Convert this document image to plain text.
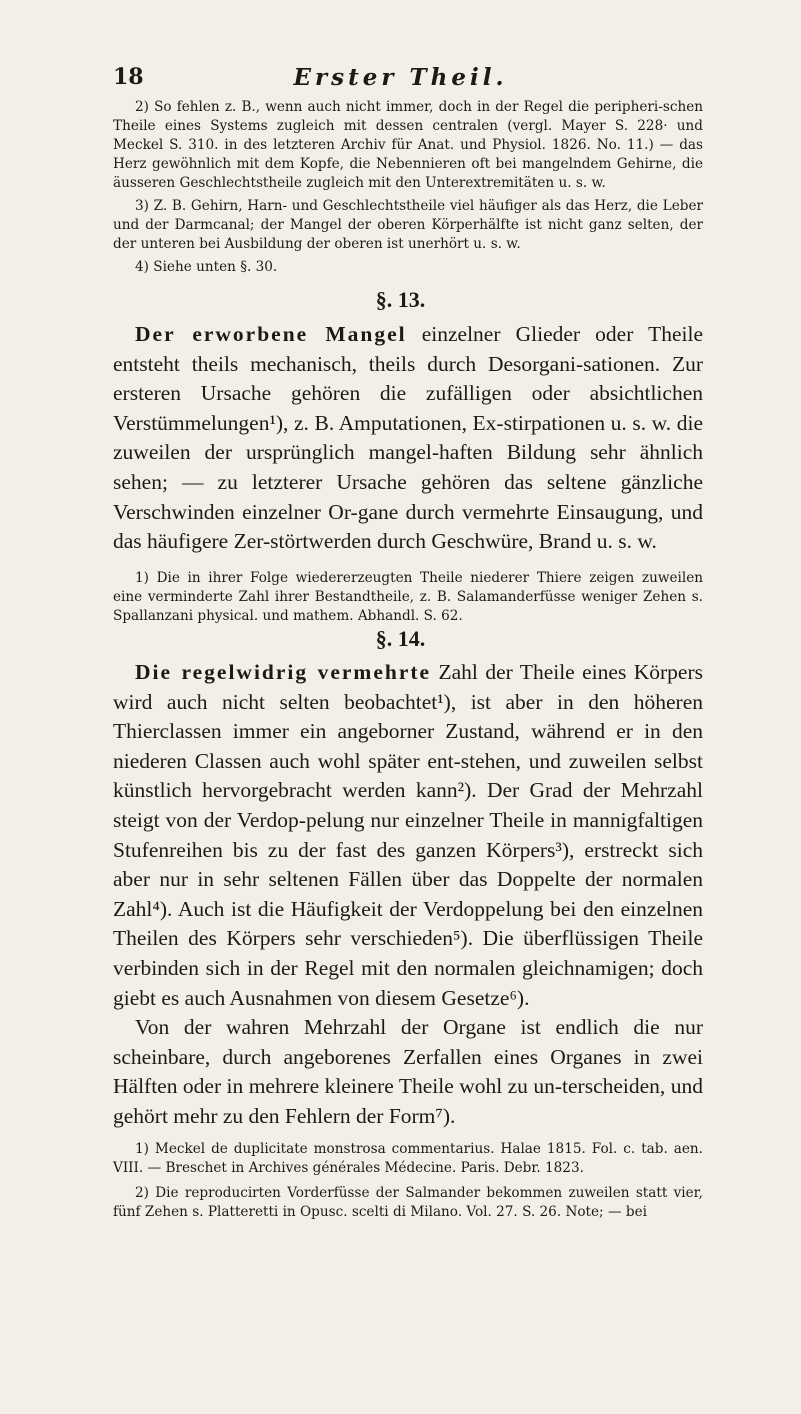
18	Erster Theil.

2) So fehlen z. B., wenn auch nicht immer, doch in der Regel die peripheri-schen Theile eines Systems zugleich mit dessen centralen (vergl. Mayer S. 228· und Meckel S. 310. in des letzteren Archiv für Anat. und Physiol. 1826. No. 11.) — das Herz gewöhnlich mit dem Kopfe, die Nebennieren oft bei mangelndem Gehirne, die äusseren Geschlechtstheile zugleich mit den Unterextremitäten u. s. w.

3) Z. B. Gehirn, Harn- und Geschlechtstheile viel häufiger als das Herz, die Leber und der Darmcanal; der Mangel der oberen Körperhälfte ist nicht ganz selten, der der unteren bei Ausbildung der oberen ist unerhört u. s. w.

4) Siehe unten §. 30.

§. 13.

Der erworbene Mangel einzelner Glieder oder Theile entsteht theils mechanisch, theils durch Desorgani-sationen. Zur ersteren Ursache gehören die zufälligen oder absichtlichen Verstümmelungen¹), z. B. Amputationen, Ex-stirpationen u. s. w. die zuweilen der ursprünglich mangel-haften Bildung sehr ähnlich sehen; — zu letzterer Ursache gehören das seltene gänzliche Verschwinden einzelner Or-gane durch vermehrte Einsaugung, und das häufigere Zer-störtwerden durch Geschwüre, Brand u. s. w.

1) Die in ihrer Folge wiedererzeugten Theile niederer Thiere zeigen zuweilen eine verminderte Zahl ihrer Bestandtheile, z. B. Salamanderfüsse weniger Zehen s. Spallanzani physical. und mathem. Abhandl. S. 62.

§. 14.

Die regelwidrig vermehrte Zahl der Theile eines Körpers wird auch nicht selten beobachtet¹), ist aber in den höheren Thierclassen immer ein angeborner Zustand, während er in den niederen Classen auch wohl später ent-stehen, und zuweilen selbst künstlich hervorgebracht werden kann²). Der Grad der Mehrzahl steigt von der Verdop-pelung nur einzelner Theile in mannigfaltigen Stufenreihen bis zu der fast des ganzen Körpers³), erstreckt sich aber nur in sehr seltenen Fällen über das Doppelte der normalen Zahl⁴). Auch ist die Häufigkeit der Verdoppelung bei den einzelnen Theilen des Körpers sehr verschieden⁵). Die überflüssigen Theile verbinden sich in der Regel mit den normalen gleichnamigen; doch giebt es auch Ausnahmen von diesem Gesetze⁶).

Von der wahren Mehrzahl der Organe ist endlich die nur scheinbare, durch angeborenes Zerfallen eines Organes in zwei Hälften oder in mehrere kleinere Theile wohl zu un-terscheiden, und gehört mehr zu den Fehlern der Form⁷).

1) Meckel de duplicitate monstrosa commentarius. Halae 1815. Fol. c. tab. aen. VIII. — Breschet in Archives générales Médecine. Paris. Debr. 1823.

2) Die reproducirten Vorderfüsse der Salmander bekommen zuweilen statt vier, fünf Zehen s. Platteretti in Opusc. scelti di Milano. Vol. 27. S. 26. Note; — bei
